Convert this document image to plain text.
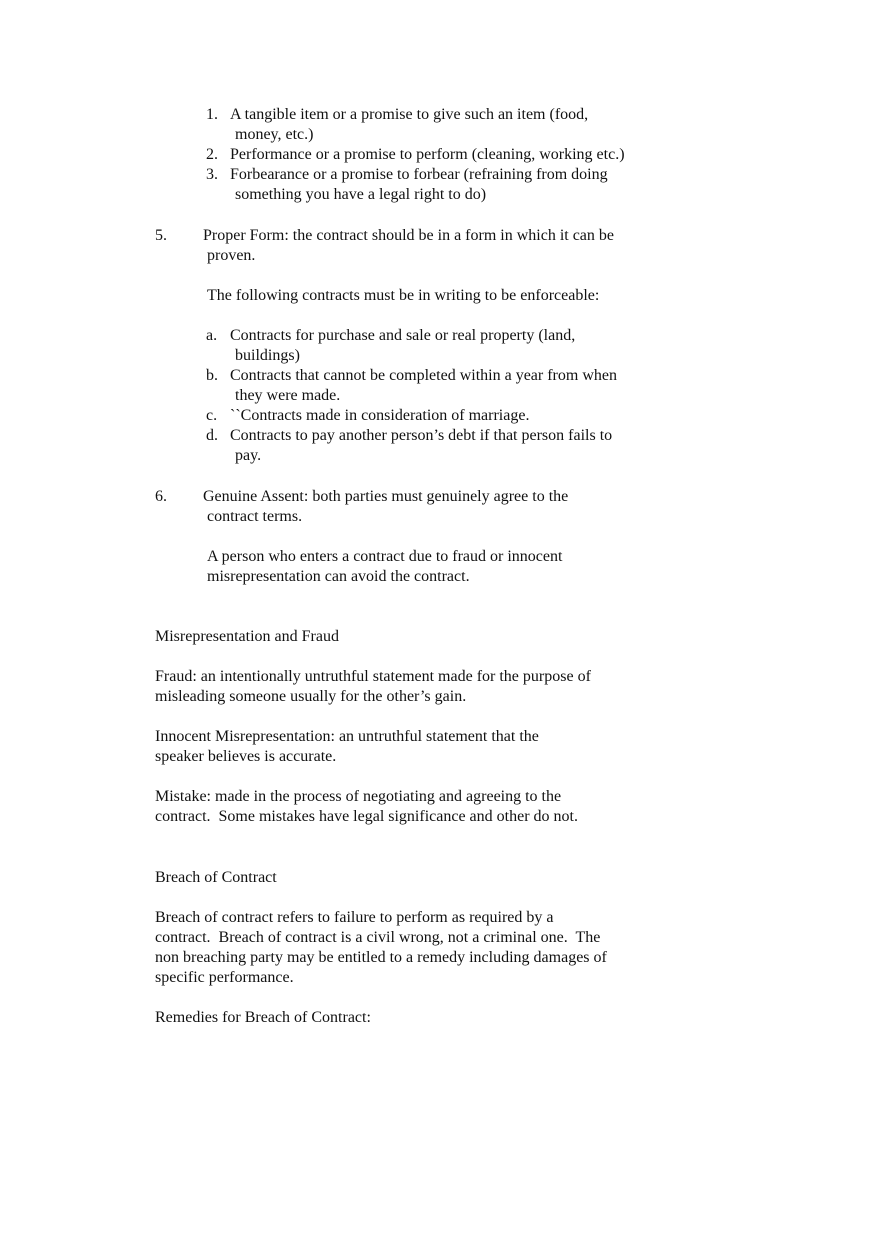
1. A tangible item or a promise to give such an item (food,
money, etc.)
2. Performance or a promise to perform (cleaning, working etc.)
3. Forbearance or a promise to forbear (refraining from doing
something you have a legal right to do)
5.	Proper Form: the contract should be in a form in which it can be
proven.

The following contracts must be in writing to be enforceable:

a. Contracts for purchase and sale or real property (land,
buildings)
b. Contracts that cannot be completed within a year from when
they were made.
c. ``Contracts made in consideration of marriage.
d. Contracts to pay another person’s debt if that person fails to
pay.
6.	Genuine Assent: both parties must genuinely agree to the
contract terms.

A person who enters a contract due to fraud or innocent
misrepresentation can avoid the contract.

Misrepresentation and Fraud

Fraud: an intentionally untruthful statement made for the purpose of
misleading someone usually for the other’s gain.

Innocent Misrepresentation: an untruthful statement that the
speaker believes is accurate.

Mistake: made in the process of negotiating and agreeing to the
contract.  Some mistakes have legal significance and other do not.

Breach of Contract

Breach of contract refers to failure to perform as required by a
contract.  Breach of contract is a civil wrong, not a criminal one.  The
non breaching party may be entitled to a remedy including damages of
specific performance.

Remedies for Breach of Contract:
